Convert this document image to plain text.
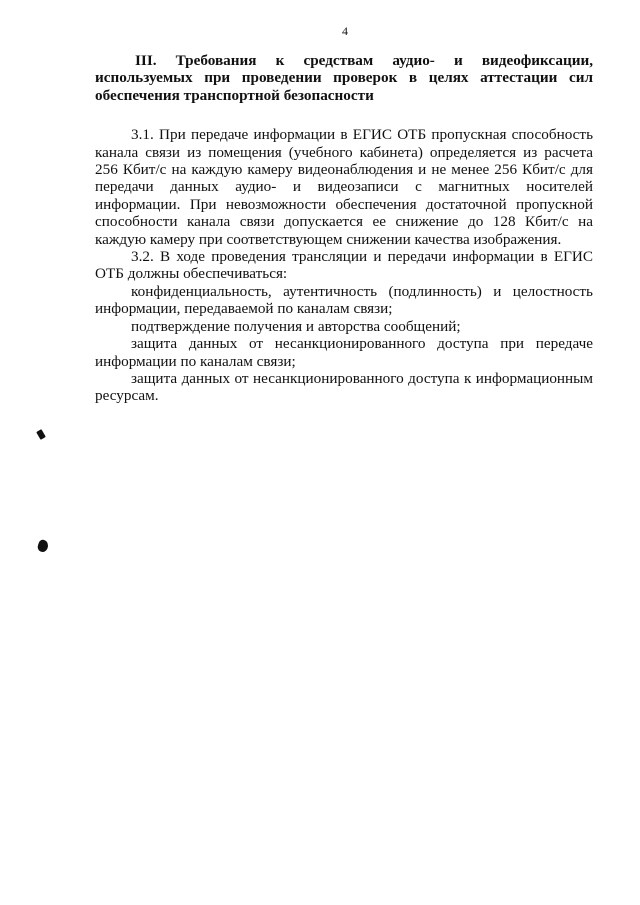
4

III. Требования к средствам аудио- и видеофиксации, используемых при проведении проверок в целях аттестации сил обеспечения транспортной безопасности

3.1. При передаче информации в ЕГИС ОТБ пропускная способность канала связи из помещения (учебного кабинета) определяется из расчета 256 Кбит/с на каждую камеру видеонаблюдения и не менее 256 Кбит/с для передачи данных аудио- и видеозаписи с магнитных носителей информации. При невозможности обеспечения достаточной пропускной способности канала связи допускается ее снижение до 128 Кбит/с на каждую камеру при соответствующем снижении качества изображения.

3.2. В ходе проведения трансляции и передачи информации в ЕГИС ОТБ должны обеспечиваться:

конфиденциальность, аутентичность (подлинность) и целостность информации, передаваемой по каналам связи;

подтверждение получения и авторства сообщений;

защита данных от несанкционированного доступа при передаче информации по каналам связи;

защита данных от несанкционированного доступа к информационным ресурсам.
